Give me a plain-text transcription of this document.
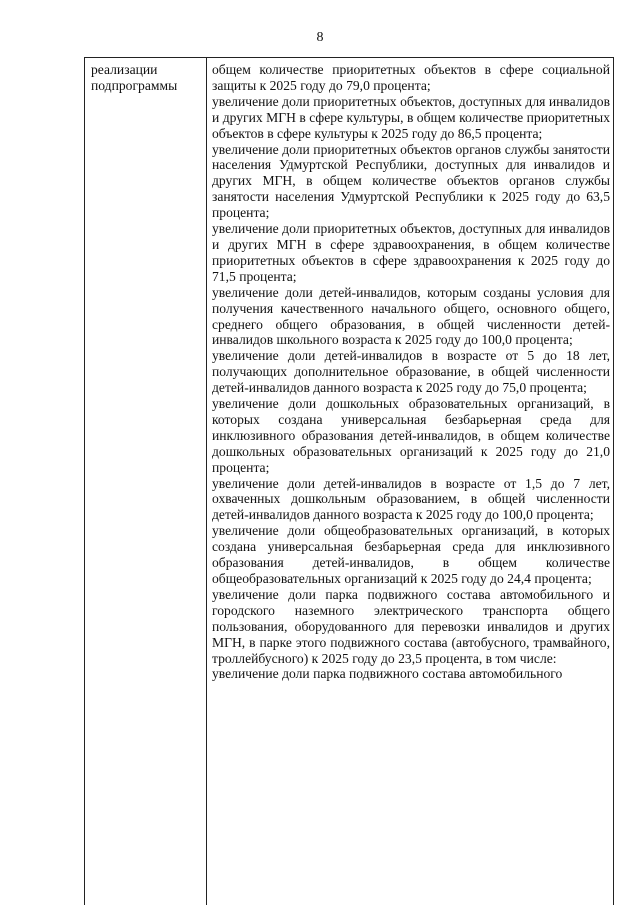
8
реализации
подпрограммы

общем количестве приоритетных объектов в сфере социальной защиты к 2025 году до 79,0 процента;

увеличение доли приоритетных объектов, доступных для инвалидов и других МГН в сфере культуры, в общем количестве приоритетных объектов в сфере культуры к 2025 году до 86,5 процента;

увеличение доли приоритетных объектов органов службы занятости населения Удмуртской Республики, доступных для инвалидов и других МГН, в общем количестве объектов органов службы занятости населения Удмуртской Республики к 2025 году до 63,5 процента;

увеличение доли приоритетных объектов, доступных для инвалидов и других МГН в сфере здравоохранения, в общем количестве приоритетных объектов в сфере здравоохранения к 2025 году до 71,5 процента;

увеличение доли детей-инвалидов, которым созданы условия для получения качественного начального общего, основного общего, среднего общего образования, в общей численности детей-инвалидов школьного возраста к 2025 году до 100,0 процента;

увеличение доли детей-инвалидов в возрасте от 5 до 18 лет, получающих дополнительное образование, в общей численности детей-инвалидов данного возраста к 2025 году до 75,0 процента;

увеличение доли дошкольных образовательных организаций, в которых создана универсальная безбарьерная среда для инклюзивного образования детей-инвалидов, в общем количестве дошкольных образовательных организаций к 2025 году до 21,0 процента;

увеличение доли детей-инвалидов в возрасте от 1,5 до 7 лет, охваченных дошкольным образованием, в общей численности детей-инвалидов данного возраста к 2025 году до 100,0 процента;

увеличение доли общеобразовательных организаций, в которых создана универсальная безбарьерная среда для инклюзивного образования детей-инвалидов, в общем количестве общеобразовательных организаций к 2025 году до 24,4 процента;

увеличение доли парка подвижного состава автомобильного и городского наземного электрического транспорта общего пользования, оборудованного для перевозки инвалидов и других МГН, в парке этого подвижного состава (автобусного, трамвайного, троллейбусного) к 2025 году до 23,5 процента, в том числе:

увеличение доли парка подвижного состава автомобильного
